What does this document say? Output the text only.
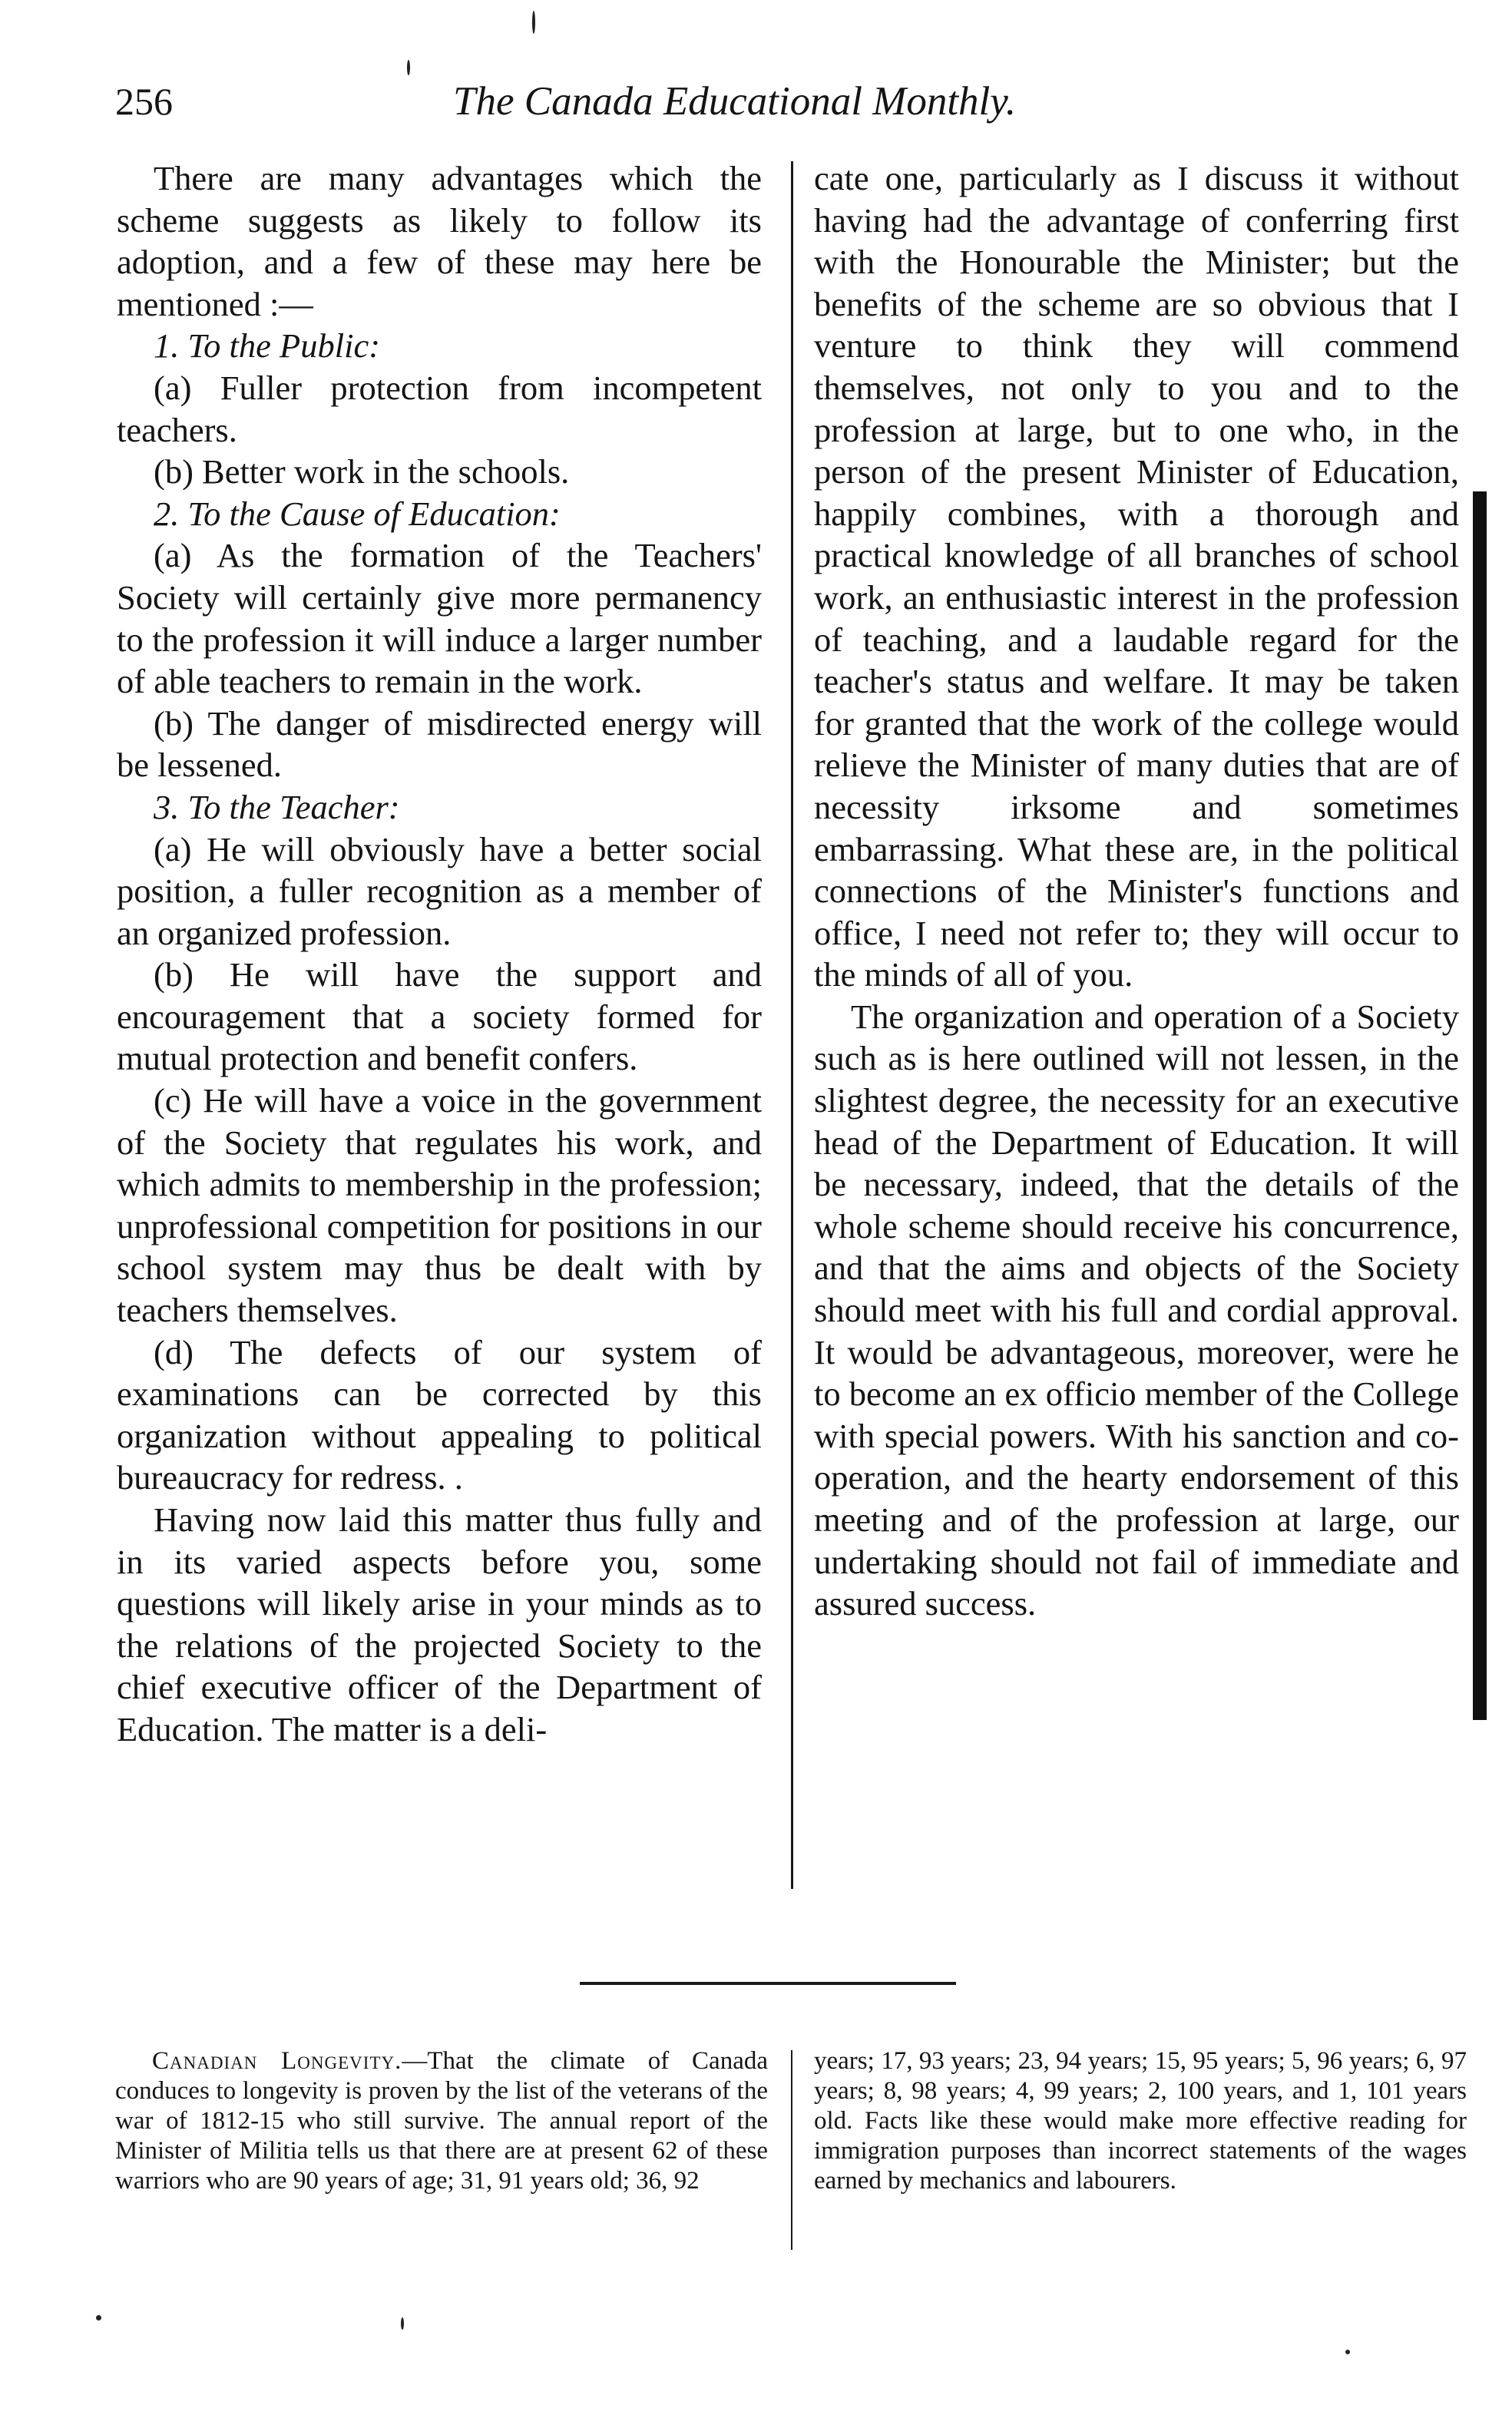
256	The Canada Educational Monthly.

There are many advantages which the scheme suggests as likely to follow its adoption, and a few of these may here be mentioned :—

1. To the Public:

(a) Fuller protection from incompetent teachers.

(b) Better work in the schools.

2. To the Cause of Education:

(a) As the formation of the Teachers' Society will certainly give more permanency to the profession it will induce a larger number of able teachers to remain in the work.

(b) The danger of misdirected energy will be lessened.

3. To the Teacher:

(a) He will obviously have a better social position, a fuller recognition as a member of an organized profession.

(b) He will have the support and encouragement that a society formed for mutual protection and benefit confers.

(c) He will have a voice in the government of the Society that regulates his work, and which admits to membership in the profession; unprofessional competition for positions in our school system may thus be dealt with by teachers themselves.

(d) The defects of our system of examinations can be corrected by this organization without appealing to political bureaucracy for redress. .

Having now laid this matter thus fully and in its varied aspects before you, some questions will likely arise in your minds as to the relations of the projected Society to the chief executive officer of the Department of Education. The matter is a deli-

cate one, particularly as I discuss it without having had the advantage of conferring first with the Honourable the Minister; but the benefits of the scheme are so obvious that I venture to think they will commend themselves, not only to you and to the profession at large, but to one who, in the person of the present Minister of Education, happily combines, with a thorough and practical knowledge of all branches of school work, an enthusiastic interest in the profession of teaching, and a laudable regard for the teacher's status and welfare. It may be taken for granted that the work of the college would relieve the Minister of many duties that are of necessity irksome and sometimes embarrassing. What these are, in the political connections of the Minister's functions and office, I need not refer to; they will occur to the minds of all of you.

The organization and operation of a Society such as is here outlined will not lessen, in the slightest degree, the necessity for an executive head of the Department of Education. It will be necessary, indeed, that the details of the whole scheme should receive his concurrence, and that the aims and objects of the Society should meet with his full and cordial approval. It would be advantageous, moreover, were he to become an ex officio member of the College with special powers. With his sanction and co-operation, and the hearty endorsement of this meeting and of the profession at large, our undertaking should not fail of immediate and assured success.

Canadian Longevity.—That the climate of Canada conduces to longevity is proven by the list of the veterans of the war of 1812-15 who still survive. The annual report of the Minister of Militia tells us that there are at present 62 of these warriors who are 90 years of age; 31, 91 years old; 36, 92

years; 17, 93 years; 23, 94 years; 15, 95 years; 5, 96 years; 6, 97 years; 8, 98 years; 4, 99 years; 2, 100 years, and 1, 101 years old. Facts like these would make more effective reading for immigration purposes than incorrect statements of the wages earned by mechanics and labourers.
